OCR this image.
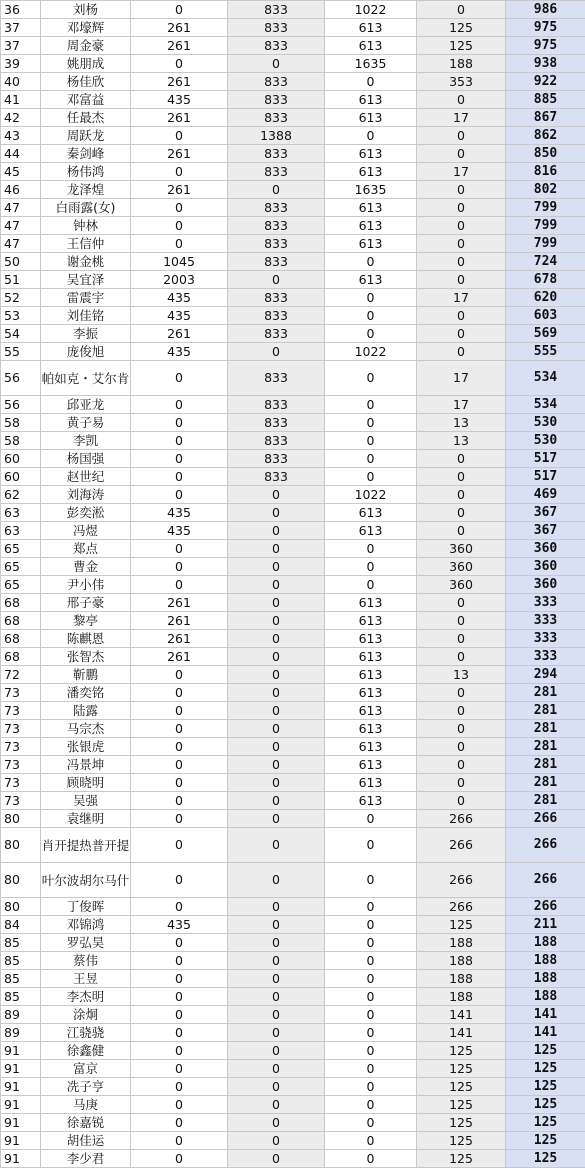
36	刘杨	0	833	1022	0	986
37	邓壕辉	261	833	613	125	975
37	周金豪	261	833	613	125	975
39	姚朋成	0	0	1635	188	938
40	杨佳欣	261	833	0	353	922
41	邓富益	435	833	613	0	885
42	任最杰	261	833	613	17	867
43	周跃龙	0	1388	0	0	862
44	秦剑峰	261	833	613	0	850
45	杨伟鸿	0	833	613	17	816
46	龙泽煌	261	0	1635	0	802
47	白雨露(女)	0	833	613	0	799
47	钟林	0	833	613	0	799
47	王信仲	0	833	613	0	799
50	谢金桃	1045	833	0	0	724
51	吴宜泽	2003	0	613	0	678
52	雷震宇	435	833	0	17	620
53	刘佳铭	435	833	0	0	603
54	李振	261	833	0	0	569
55	庞俊旭	435	0	1022	0	555
56	帕如克・艾尔肯	0	833	0	17	534
56	邱亚龙	0	833	0	17	534
58	黄子易	0	833	0	13	530
58	李凯	0	833	0	13	530
60	杨国强	0	833	0	0	517
60	赵世纪	0	833	0	0	517
62	刘海涛	0	0	1022	0	469
63	彭奕淞	435	0	613	0	367
63	冯煜	435	0	613	0	367
65	郑点	0	0	0	360	360
65	曹金	0	0	0	360	360
65	尹小伟	0	0	0	360	360
68	邢子豪	261	0	613	0	333
68	黎亭	261	0	613	0	333
68	陈麒恩	261	0	613	0	333
68	张智杰	261	0	613	0	333
72	靳鹏	0	0	613	13	294
73	潘奕铭	0	0	613	0	281
73	陆露	0	0	613	0	281
73	马宗杰	0	0	613	0	281
73	张银虎	0	0	613	0	281
73	冯景坤	0	0	613	0	281
73	顾晓明	0	0	613	0	281
73	吴强	0	0	613	0	281
80	袁继明	0	0	0	266	266
80	肖开提热普开提	0	0	0	266	266
80	叶尔波胡尔马什	0	0	0	266	266
80	丁俊晖	0	0	0	266	266
84	邓锦鸿	435	0	0	125	211
85	罗弘昊	0	0	0	188	188
85	蔡伟	0	0	0	188	188
85	王昱	0	0	0	188	188
85	李杰明	0	0	0	188	188
89	涂炯	0	0	0	141	141
89	江骁骁	0	0	0	141	141
91	徐鑫健	0	0	0	125	125
91	富京	0	0	0	125	125
91	冼子亨	0	0	0	125	125
91	马庚	0	0	0	125	125
91	徐嘉锐	0	0	0	125	125
91	胡佳运	0	0	0	125	125
91	李少君	0	0	0	125	125
